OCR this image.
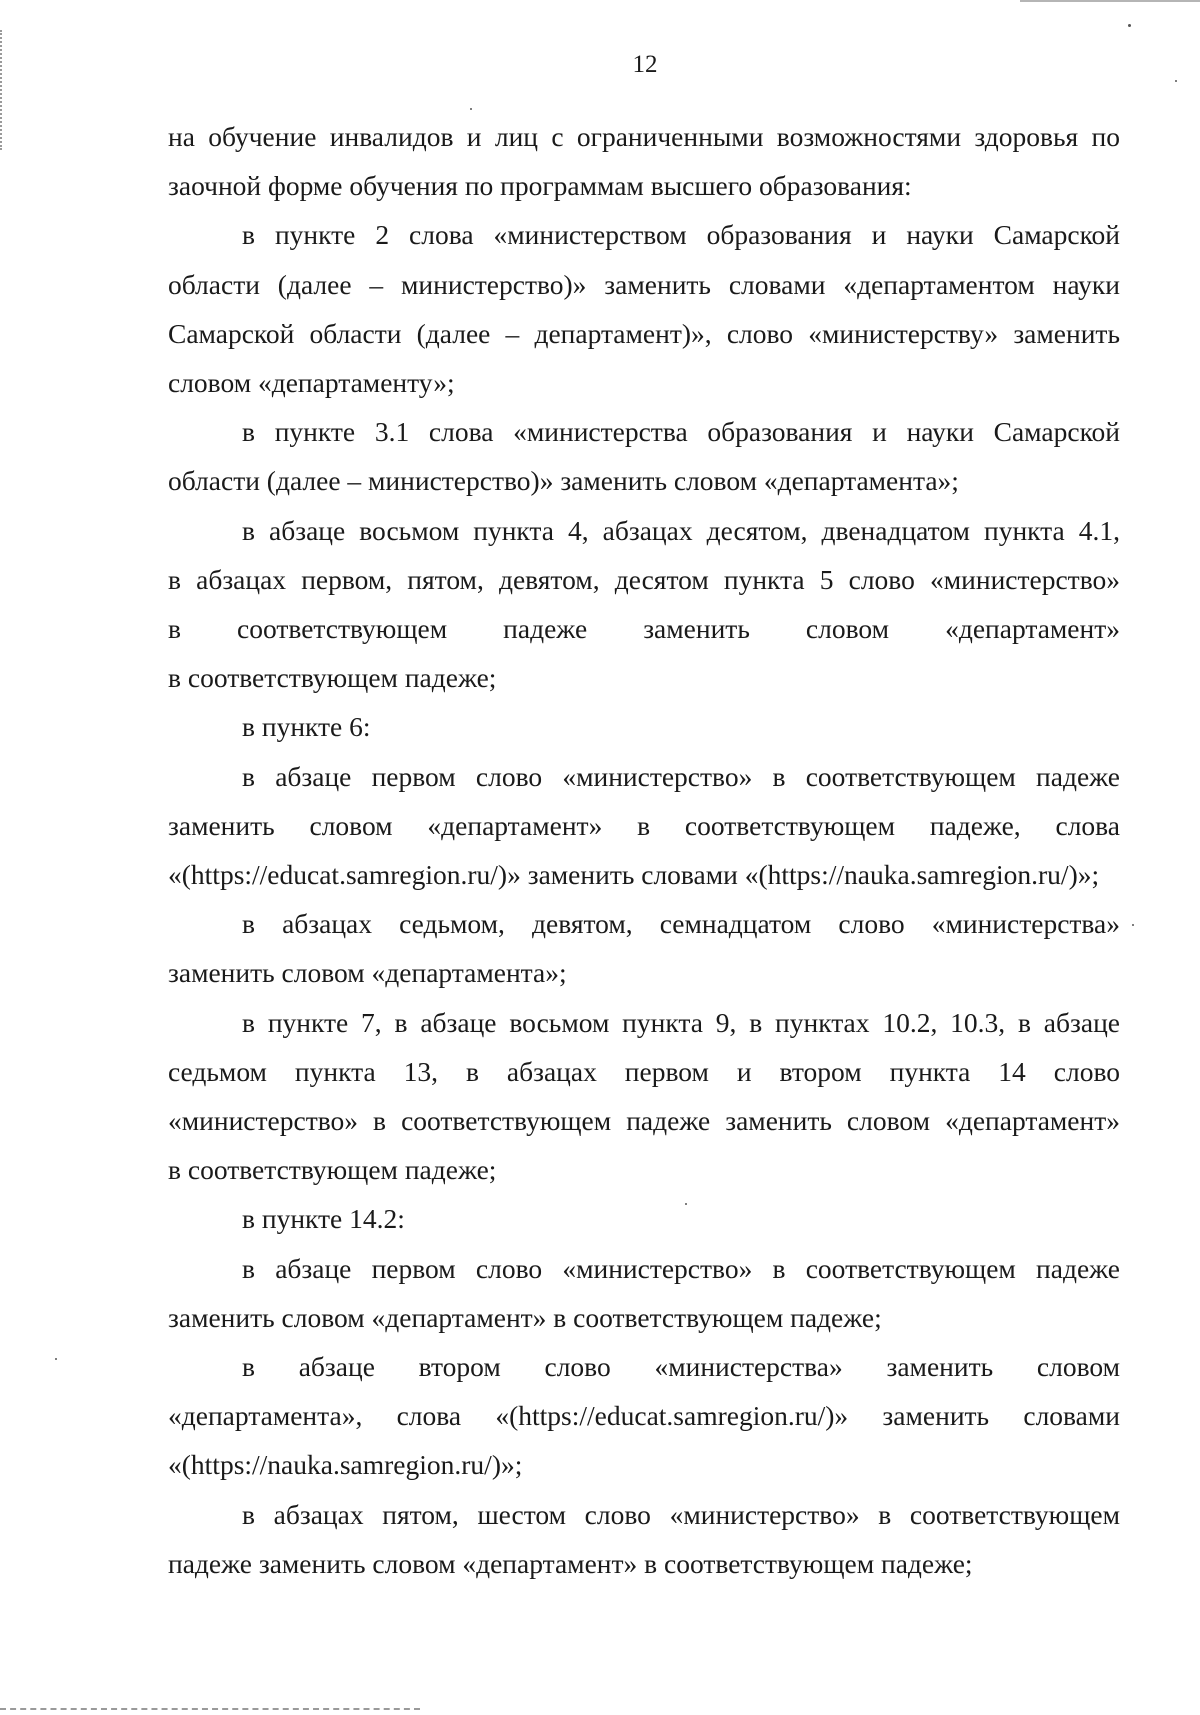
12
на обучение инвалидов и лиц с ограниченными возможностями здоровья по
заочной форме обучения по программам высшего образования:
в пункте 2 слова «министерством образования и науки Самарской
области (далее – министерство)» заменить словами «департаментом науки
Самарской области (далее – департамент)», слово «министерству» заменить
словом «департаменту»;
в пункте 3.1 слова «министерства образования и науки Самарской
области (далее – министерство)» заменить словом «департамента»;
в абзаце восьмом пункта 4, абзацах десятом, двенадцатом пункта 4.1,
в абзацах первом, пятом, девятом, десятом пункта 5 слово «министерство»
в соответствующем падеже заменить словом «департамент»
в соответствующем падеже;
в пункте 6:
в абзаце первом слово «министерство» в соответствующем падеже
заменить словом «департамент» в соответствующем падеже, слова
«(https://educat.samregion.ru/)» заменить словами «(https://nauka.samregion.ru/)»;
в абзацах седьмом, девятом, семнадцатом слово «министерства»
заменить словом «департамента»;
в пункте 7, в абзаце восьмом пункта 9, в пунктах 10.2, 10.3, в абзаце
седьмом пункта 13, в абзацах первом и втором пункта 14 слово
«министерство» в соответствующем падеже заменить словом «департамент»
в соответствующем падеже;
в пункте 14.2:
в абзаце первом слово «министерство» в соответствующем падеже
заменить словом «департамент» в соответствующем падеже;
в абзаце втором слово «министерства» заменить словом
«департамента», слова «(https://educat.samregion.ru/)» заменить словами
«(https://nauka.samregion.ru/)»;
в абзацах пятом, шестом слово «министерство» в соответствующем
падеже заменить словом «департамент» в соответствующем падеже;
